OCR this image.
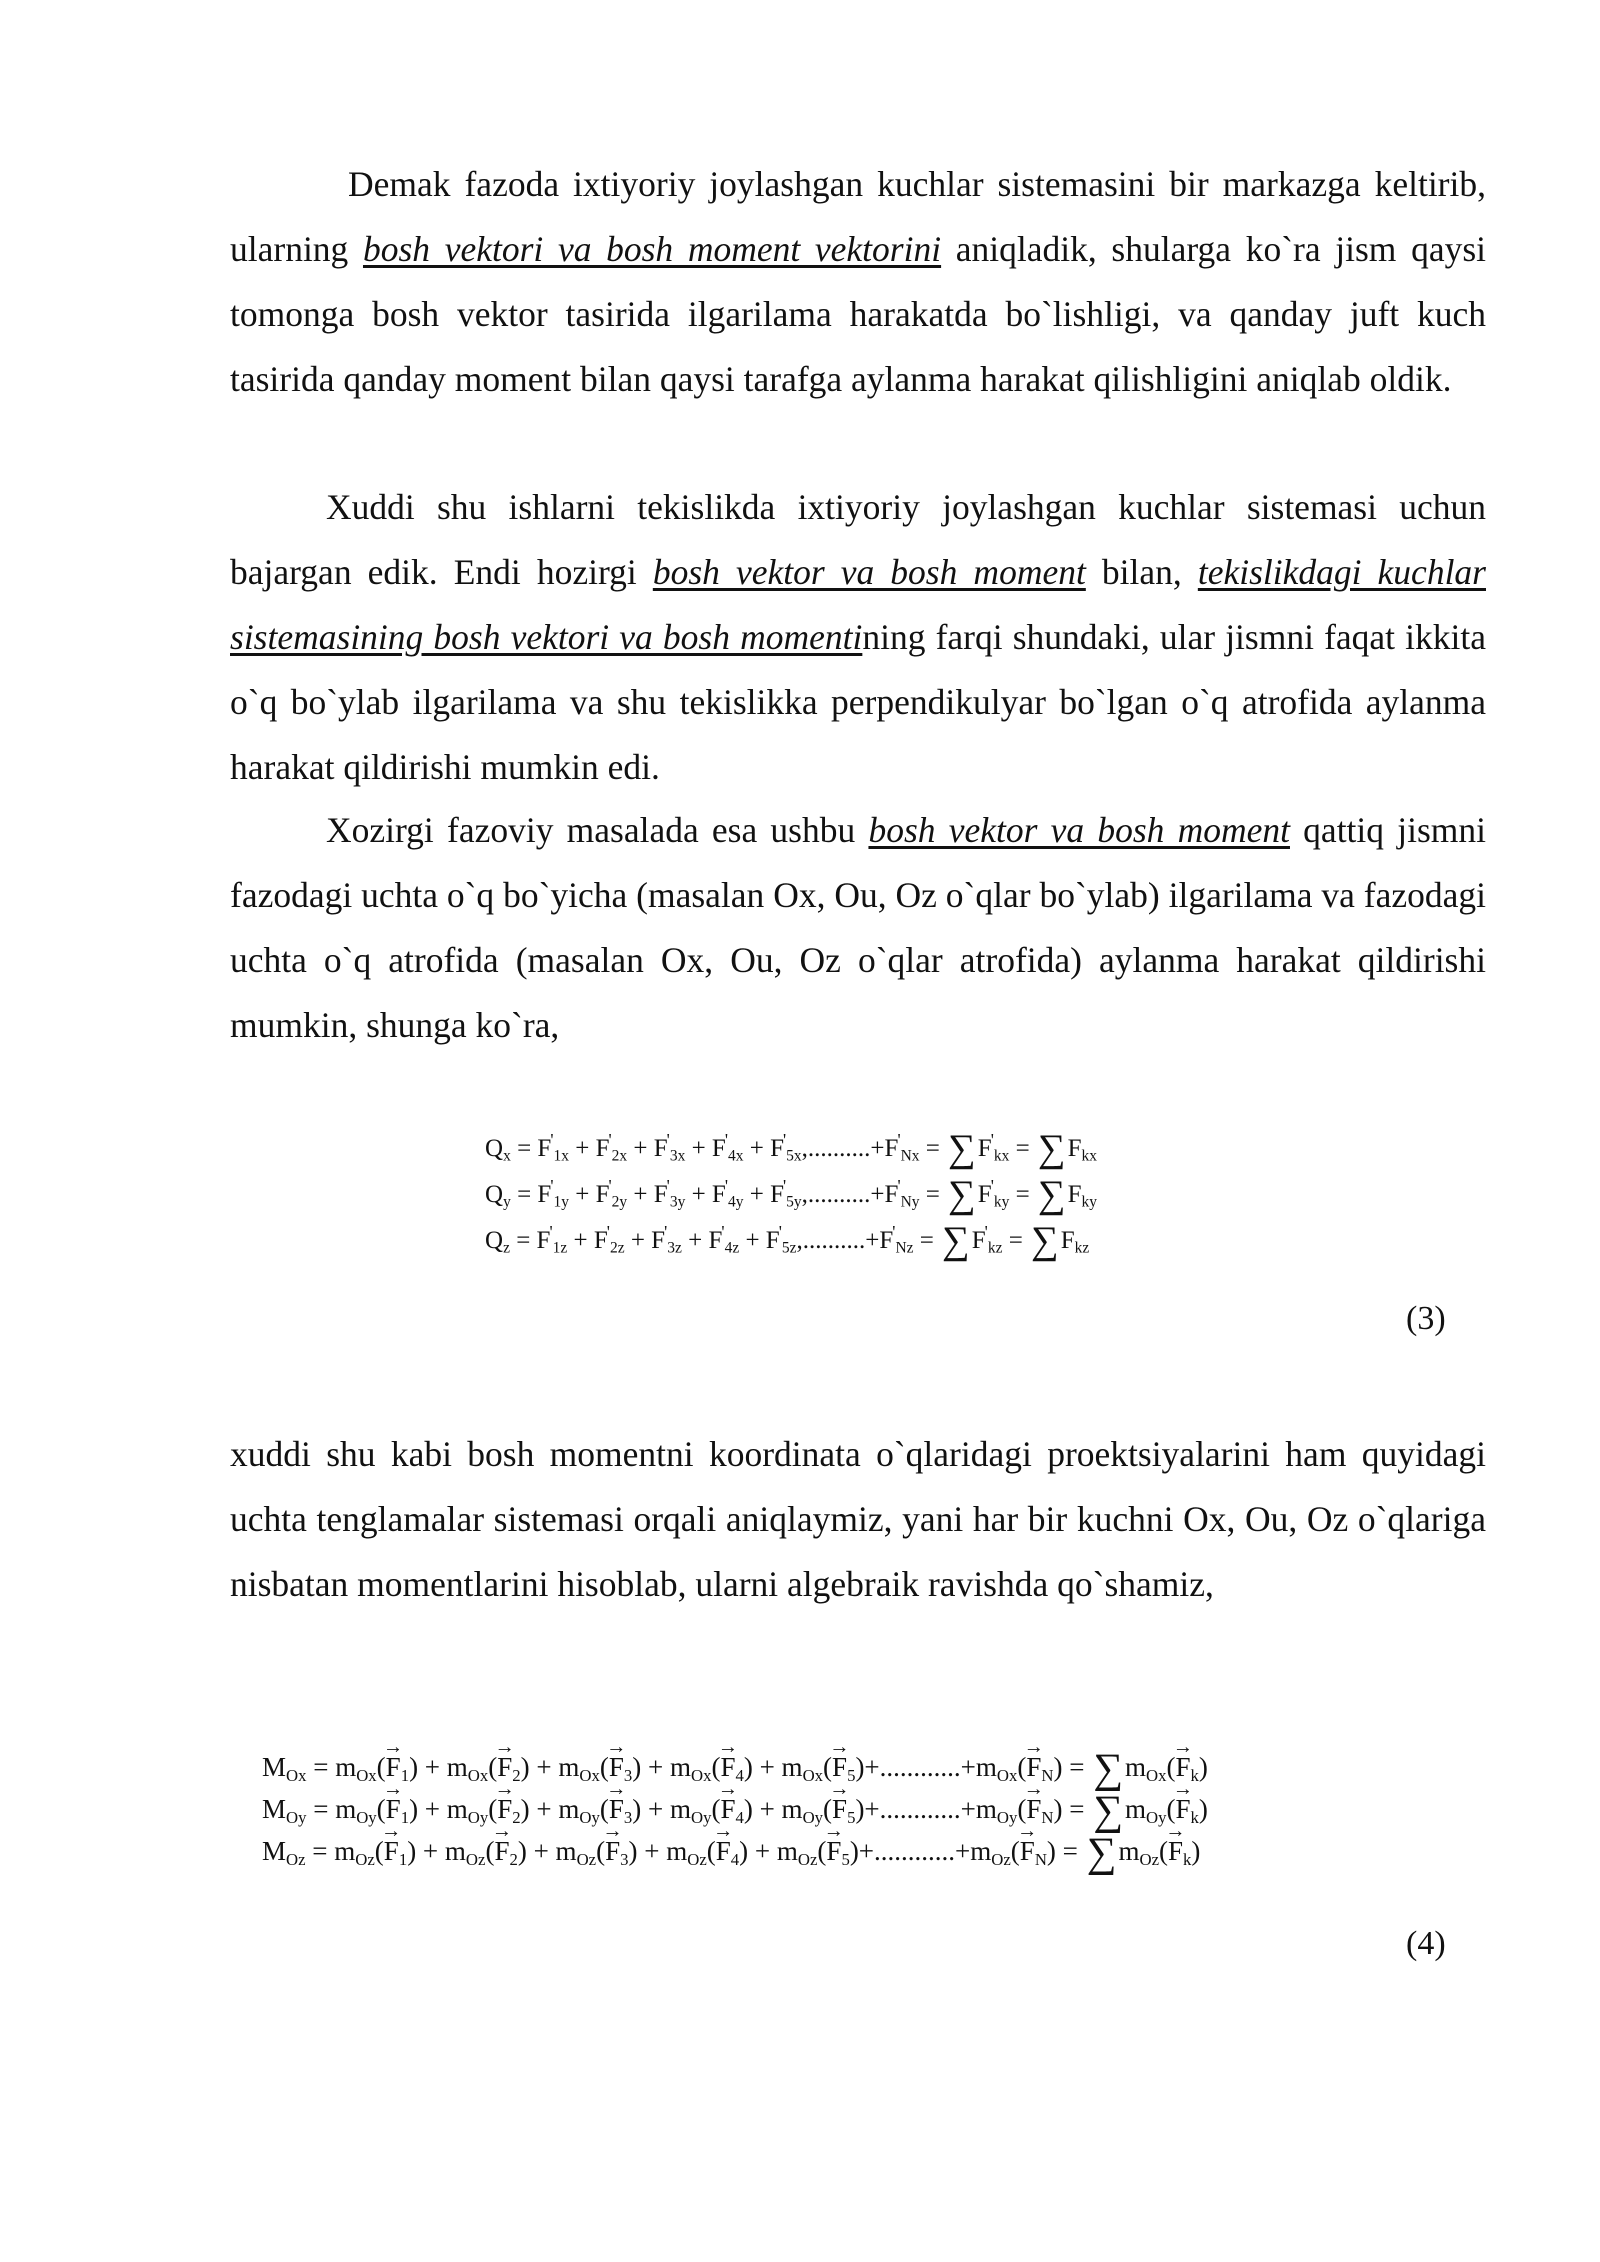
Demak fazoda ixtiyoriy joylashgan kuchlar sistemasini bir markazga keltirib, ularning bosh vektori va bosh moment vektorini aniqladik, shularga ko`ra jism qaysi tomonga bosh vektor tasirida ilgarilama harakatda bo`lishligi, va qanday juft kuch tasirida qanday moment bilan qaysi tarafga aylanma harakat qilishligini aniqlab oldik.

Xuddi shu ishlarni tekislikda ixtiyoriy joylashgan kuchlar sistemasi uchun bajargan edik. Endi hozirgi bosh vektor va bosh moment bilan, tekislikdagi kuchlar sistemasining bosh vektori va bosh momentining farqi shundaki, ular jismni faqat ikkita o`q bo`ylab ilgarilama va shu tekislikka perpendikulyar bo`lgan o`q atrofida aylanma harakat qildirishi mumkin edi.

Xozirgi fazoviy masalada esa ushbu bosh vektor va bosh moment qattiq jismni fazodagi uchta o`q bo`yicha (masalan Ox, Ou, Oz o`qlar bo`ylab) ilgarilama va fazodagi uchta o`q atrofida (masalan Ox, Ou, Oz o`qlar atrofida) aylanma harakat qildirishi mumkin, shunga ko`ra,

$Q_x = F'_{1x} + F'_{2x} + F'_{3x} + F'_{4x} + F'_{5x},..........+F'_{Nx} = \sum F'_{kx} = \sum F_{kx}$
$Q_y = F'_{1y} + F'_{2y} + F'_{3y} + F'_{4y} + F'_{5y},..........+F'_{Ny} = \sum F'_{ky} = \sum F_{ky}$
$Q_z = F'_{1z} + F'_{2z} + F'_{3z} + F'_{4z} + F'_{5z},..........+F'_{Nz} = \sum F'_{kz} = \sum F_{kz}$
(3)

xuddi shu kabi bosh momentni koordinata o`qlaridagi proektsiyalarini ham quyidagi uchta tenglamalar sistemasi orqali aniqlaymiz, yani har bir kuchni Ox, Ou, Oz o`qlariga nisbatan momentlarini hisoblab, ularni algebraik ravishda qo`shamiz,

$M_{Ox} = m_{Ox}(\to F_1) + m_{Ox}(\to F_2) + m_{Ox}(\to F_3) + m_{Ox}(\to F_4) + m_{Ox}(\to F_5)+............+m_{Ox}(\to F_N) = \sum m_{Ox}(\to F_k)$
$M_{Oy} = m_{Oy}(\to F_1) + m_{Oy}(\to F_2) + m_{Oy}(\to F_3) + m_{Oy}(\to F_4) + m_{Oy}(\to F_5)+............+m_{Oy}(\to F_N) = \sum m_{Oy}(\to F_k)$
$M_{Oz} = m_{Oz}(\to F_1) + m_{Oz}(\to F_2) + m_{Oz}(\to F_3) + m_{Oz}(\to F_4) + m_{Oz}(\to F_5)+............+m_{Oz}(\to F_N) = \sum m_{Oz}(\to F_k)$
(4)
